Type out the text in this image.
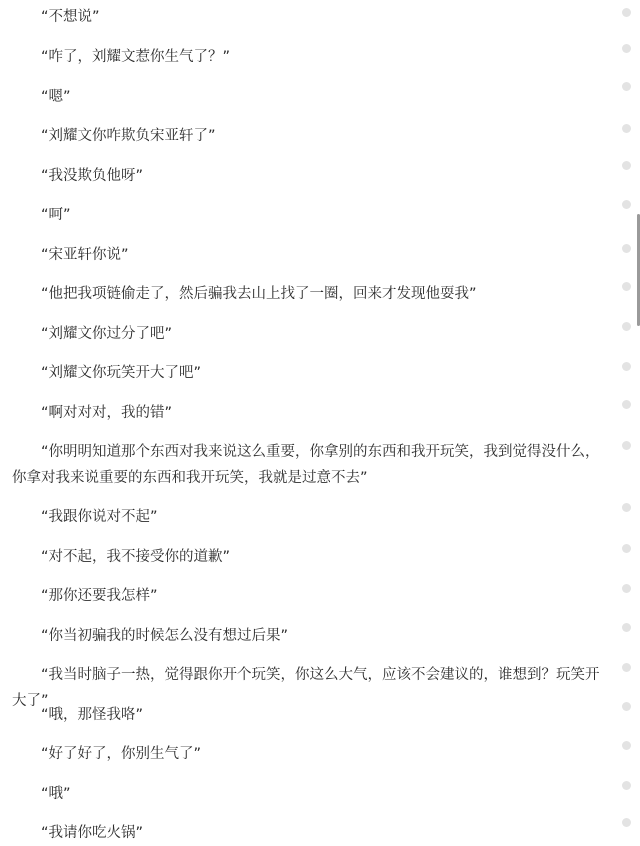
“不想说”

“咋了，刘耀文惹你生气了？”

“嗯”

“刘耀文你咋欺负宋亚轩了”

“我没欺负他呀”

“呵”

“宋亚轩你说”

“他把我项链偷走了，然后骗我去山上找了一圈，回来才发现他耍我”

“刘耀文你过分了吧”

“刘耀文你玩笑开大了吧”

“啊对对对，我的错”

“你明明知道那个东西对我来说这么重要，你拿别的东西和我开玩笑，我到觉得没什么，你拿对我来说重要的东西和我开玩笑，我就是过意不去”

“我跟你说对不起”

“对不起，我不接受你的道歉”

“那你还要我怎样”

“你当初骗我的时候怎么没有想过后果”

“我当时脑子一热，觉得跟你开个玩笑，你这么大气，应该不会建议的，谁想到？玩笑开大了”

“哦，那怪我咯”

“好了好了，你别生气了”

“哦”

“我请你吃火锅”
